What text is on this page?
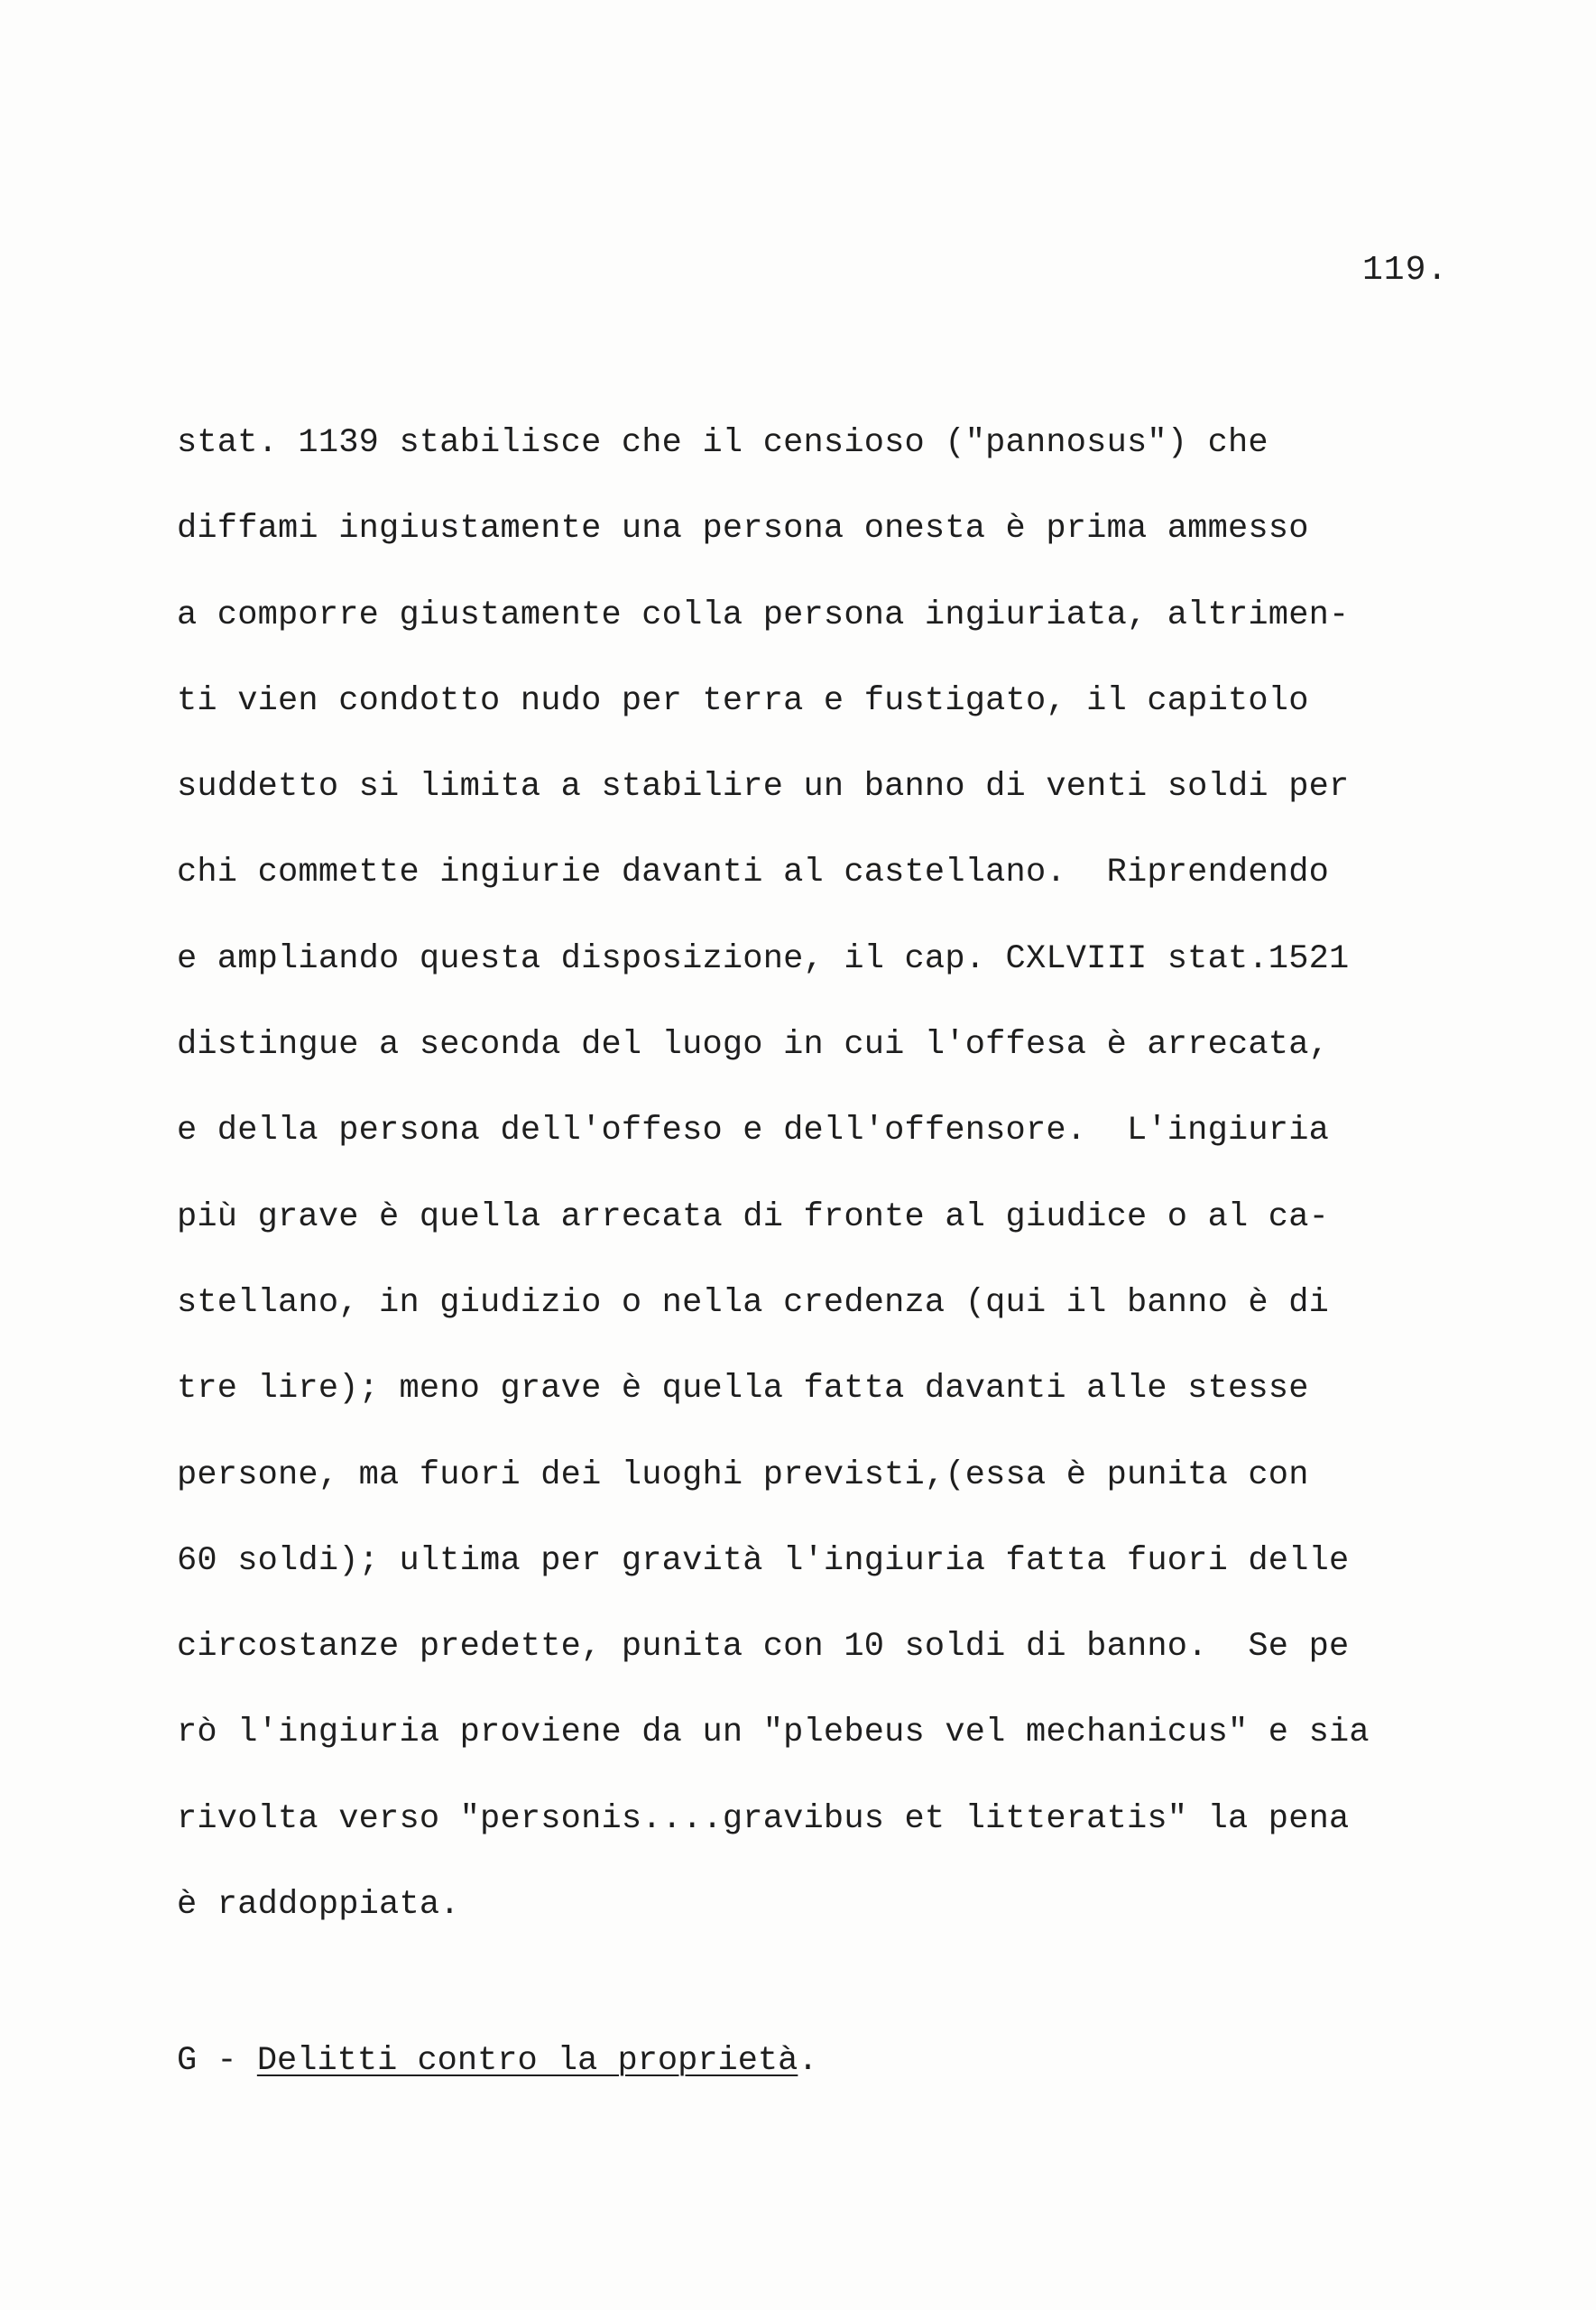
119.
stat. 1139 stabilisce che il censioso ("pannosus") che
diffami ingiustamente una persona onesta è prima ammesso
a comporre giustamente colla persona ingiuriata, altrimen-
ti vien condotto nudo per terra e fustigato, il capitolo
suddetto si limita a stabilire un banno di venti soldi per
chi commette ingiurie davanti al castellano.  Riprendendo
e ampliando questa disposizione, il cap. CXLVIII stat.1521
distingue a seconda del luogo in cui l'offesa è arrecata,
e della persona dell'offeso e dell'offensore.  L'ingiuria
più grave è quella arrecata di fronte al giudice o al ca-
stellano, in giudizio o nella credenza (qui il banno è di
tre lire); meno grave è quella fatta davanti alle stesse
persone, ma fuori dei luoghi previsti,(essa è punita con
60 soldi); ultima per gravità l'ingiuria fatta fuori delle
circostanze predette, punita con 10 soldi di banno.  Se pe
rò l'ingiuria proviene da un "plebeus vel mechanicus" e sia
rivolta verso "personis....gravibus et litteratis" la pena
è raddoppiata.
G - Delitti contro la proprietà.
